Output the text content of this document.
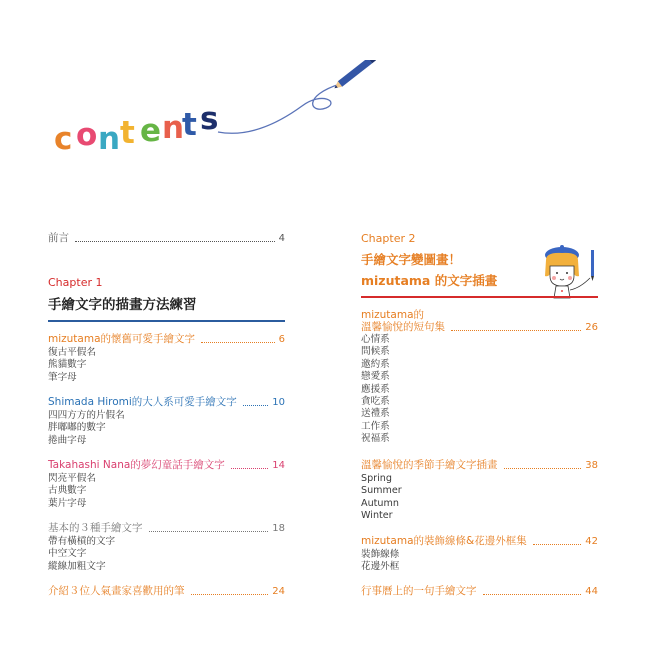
c o n t e n
t s
前言	4
Chapter 1
手繪文字的描畫方法練習
mizutama的懷舊可愛手繪文字	6
復古平假名
熊貓數字
筆字母
Shimada Hiromi的大人系可愛手繪文字	10
四四方方的片假名
胖嘟嘟的數字
捲曲字母
Takahashi Nana的夢幻童話手繪文字	14
閃亮平假名
古典數字
葉片字母
基本的３種手繪文字	18
帶有橫槓的文字
中空文字
縱線加粗文字
介紹３位人氣畫家喜歡用的筆	24
Chapter 2
手繪文字變圖畫！
mizutama 的文字插畫
mizutama的
溫馨愉悅的短句集	26
心情系
問候系
邀約系
戀愛系
應援系
貪吃系
送禮系
工作系
祝福系
溫馨愉悅的季節手繪文字插畫	38
Spring
Summer
Autumn
Winter
mizutama的裝飾線條&花邊外框集	42
裝飾線條
花邊外框
行事曆上的一句手繪文字	44
